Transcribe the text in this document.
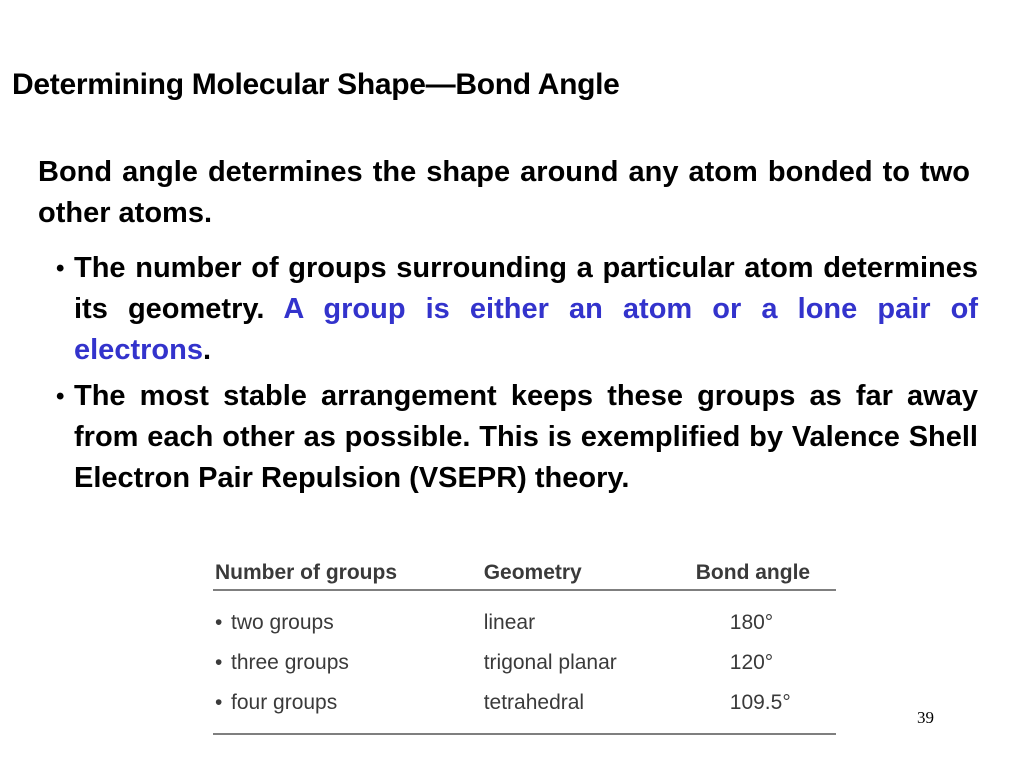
Determining Molecular Shape—Bond Angle
Bond angle determines the shape around any atom bonded to two other atoms.
• The number of groups surrounding a particular atom determines its geometry. A group is either an atom or a lone pair of electrons.
• The most stable arrangement keeps these groups as far away from each other as possible. This is exemplified by Valence Shell Electron Pair Repulsion (VSEPR) theory.
Number of groups	Geometry	Bond angle
• two groups	linear	180°
• three groups	trigonal planar	120°
• four groups	tetrahedral	109.5°
39
